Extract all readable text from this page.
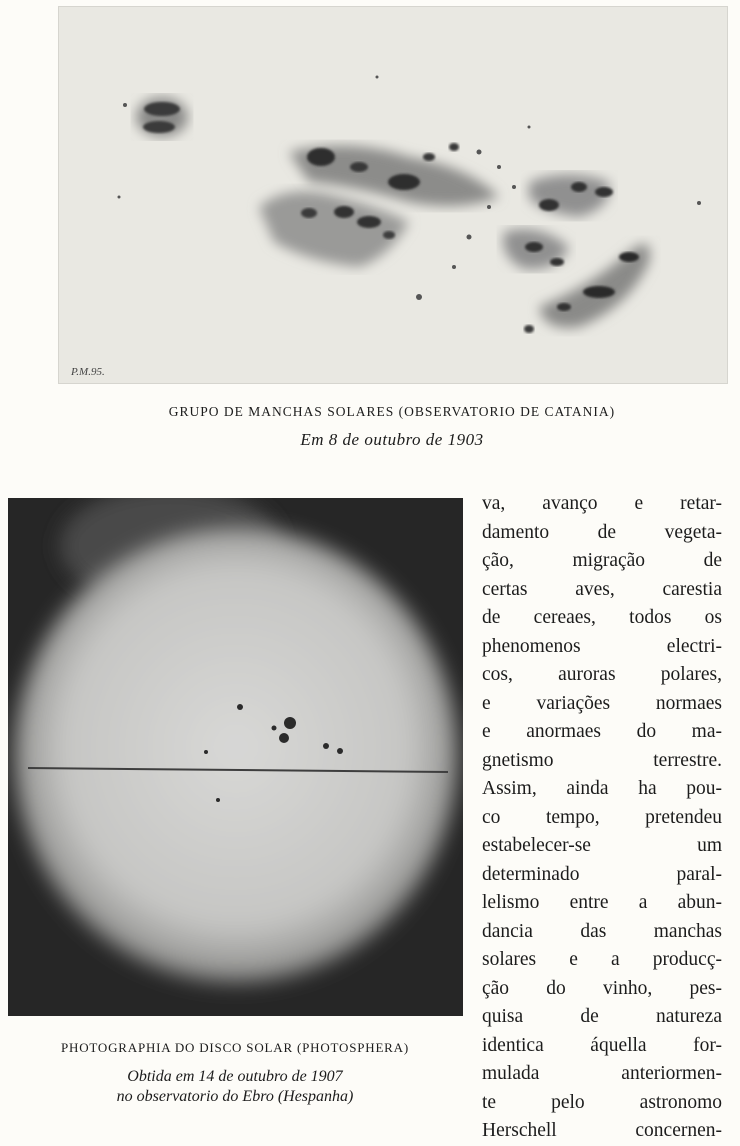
P.M.95.
GRUPO DE MANCHAS SOLARES (OBSERVATORIO DE CATANIA)
Em 8 de outubro de 1903
PHOTOGRAPHIA DO DISCO SOLAR (PHOTOSPHERA)
Obtida em 14 de outubro de 1907
no observatorio do Ebro (Hespanha)
va, avanço e retar-
damento de vegeta-
ção, migração de
certas aves, carestia
de cereaes, todos os
phenomenos electri-
cos, auroras polares,
e variações normaes
e anormaes do ma-
gnetismo terrestre.
Assim, ainda ha pou-
co tempo, pretendeu
estabelecer-se um
determinado paral-
lelismo entre a abun-
dancia das manchas
solares e a producç-
ção do vinho, pes-
quisa de natureza
identica áquella for-
mulada anteriormen-
te pelo astronomo
Herschell concernen-
